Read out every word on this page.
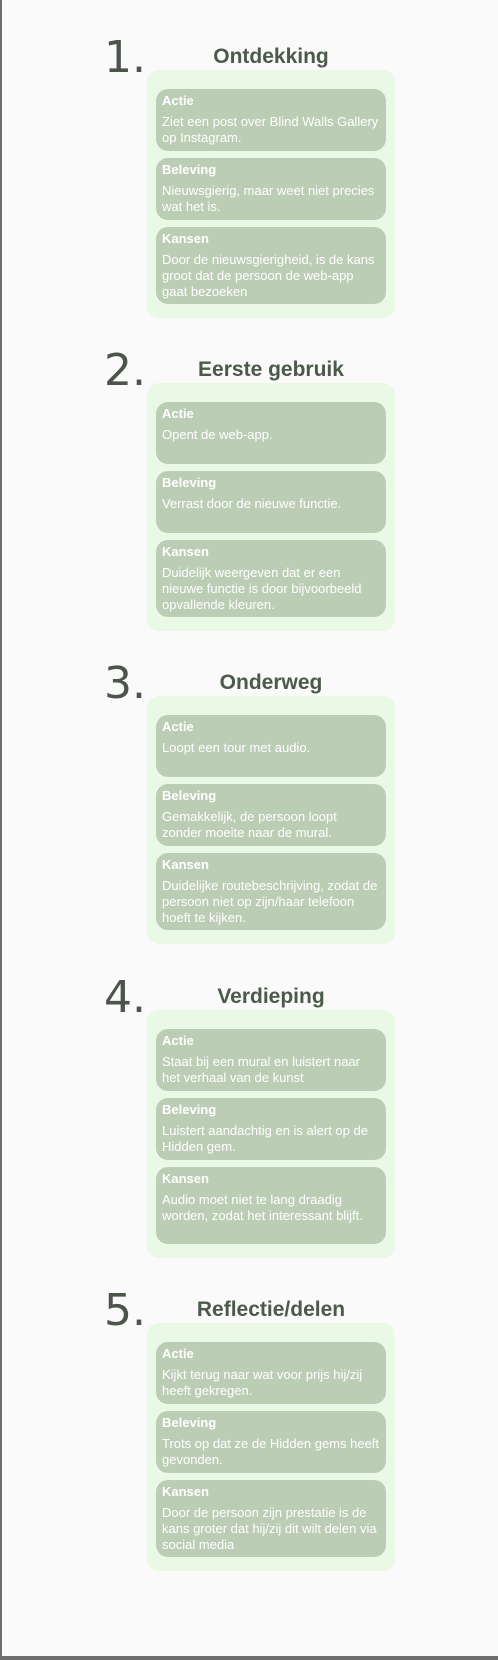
1.	Ontdekking
Actie
Ziet een post over Blind Walls Gallery op Instagram.
Beleving
Nieuwsgierig, maar weet niet precies wat het is.
Kansen
Door de nieuwsgierigheid, is de kans groot dat de persoon de web-app gaat bezoeken
2.	Eerste gebruik
Actie
Opent de web-app.
Beleving
Verrast door de nieuwe functie.
Kansen
Duidelijk weergeven dat er een nieuwe functie is door bijvoorbeeld opvallende kleuren.
3.	Onderweg
Actie
Loopt een tour met audio.
Beleving
Gemakkelijk, de persoon loopt zonder moeite naar de mural.
Kansen
Duidelijke routebeschrijving, zodat de persoon niet op zijn/haar telefoon hoeft te kijken.
4.	Verdieping
Actie
Staat bij een mural en luistert naar het verhaal van de kunst
Beleving
Luistert aandachtig en is alert op de Hidden gem.
Kansen
Audio moet niet te lang draadig worden, zodat het interessant blijft.
5.	Reflectie/delen
Actie
Kijkt terug naar wat voor prijs hij/zij heeft gekregen.
Beleving
Trots op dat ze de Hidden gems heeft gevonden.
Kansen
Door de persoon zijn prestatie is de kans groter dat hij/zij dit wilt delen via social media
